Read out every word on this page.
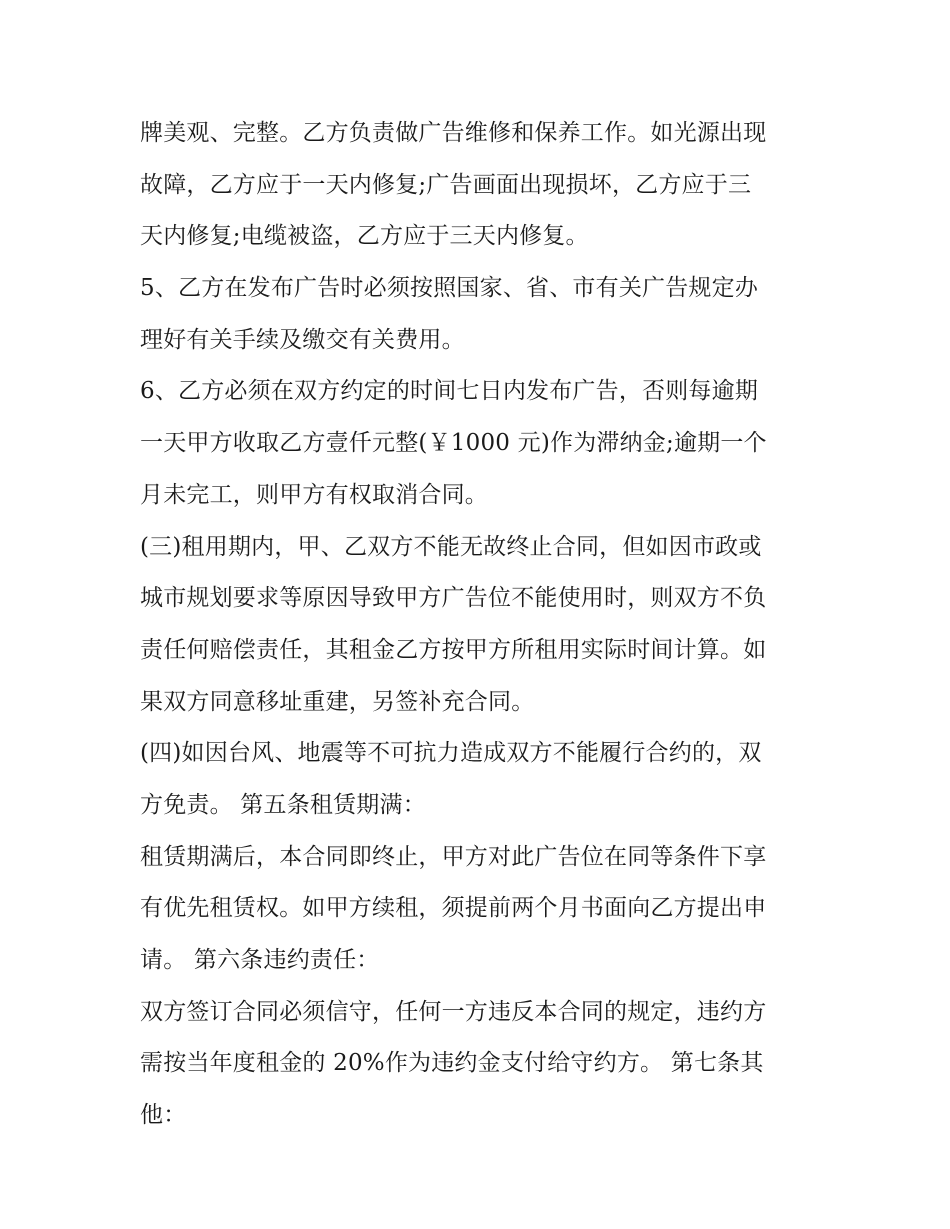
牌美观、完整。乙方负责做广告维修和保养工作。如光源出现
故障，乙方应于一天内修复;广告画面出现损坏，乙方应于三
天内修复;电缆被盗，乙方应于三天内修复。
5、乙方在发布广告时必须按照国家、省、市有关广告规定办
理好有关手续及缴交有关费用。
6、乙方必须在双方约定的时间七日内发布广告，否则每逾期
一天甲方收取乙方壹仟元整(￥1000 元)作为滞纳金;逾期一个
月未完工，则甲方有权取消合同。
(三)租用期内，甲、乙双方不能无故终止合同，但如因市政或
城市规划要求等原因导致甲方广告位不能使用时，则双方不负
责任何赔偿责任，其租金乙方按甲方所租用实际时间计算。如
果双方同意移址重建，另签补充合同。
(四)如因台风、地震等不可抗力造成双方不能履行合约的，双
方免责。 第五条租赁期满：
租赁期满后，本合同即终止，甲方对此广告位在同等条件下享
有优先租赁权。如甲方续租，须提前两个月书面向乙方提出申
请。 第六条违约责任：
双方签订合同必须信守，任何一方违反本合同的规定，违约方
需按当年度租金的 20%作为违约金支付给守约方。 第七条其
他：
